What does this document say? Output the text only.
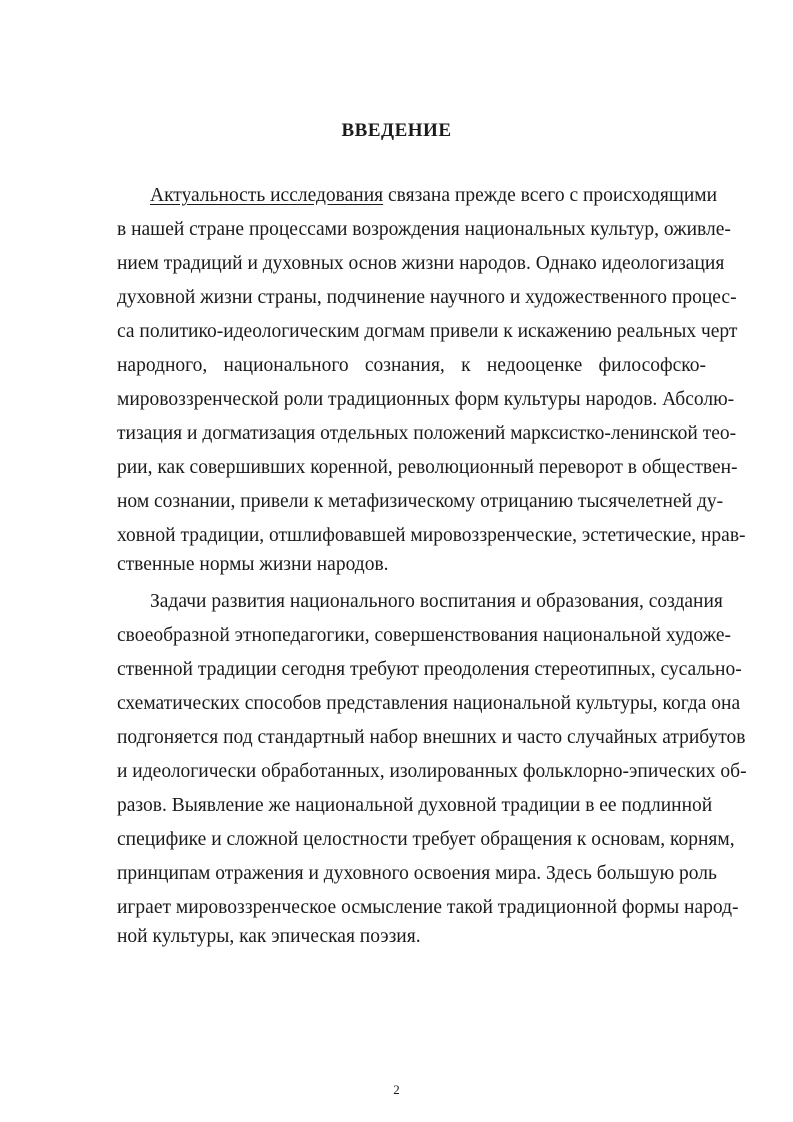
ВВЕДЕНИЕ
Актуальность исследования связана прежде всего с происходящими
в нашей стране процессами возрождения национальных культур, оживле-
нием традиций и духовных основ жизни народов. Однако идеологизация
духовной жизни страны, подчинение научного и художественного процес-
са политико-идеологическим догмам привели к искажению реальных черт
народного, национального сознания, к недооценке философско-
мировоззренческой роли традиционных форм культуры народов. Абсолю-
тизация и догматизация отдельных положений марксистко-ленинской тео-
рии, как совершивших коренной, революционный переворот в обществен-
ном сознании, привели к метафизическому отрицанию тысячелетней ду-
ховной традиции, отшлифовавшей мировоззренческие, эстетические, нрав-
ственные нормы жизни народов.
Задачи развития национального воспитания и образования, создания
своеобразной этнопедагогики, совершенствования национальной художе-
ственной традиции сегодня требуют преодоления стереотипных, сусально-
схематических способов представления национальной культуры, когда она
подгоняется под стандартный набор внешних и часто случайных атрибутов
и идеологически обработанных, изолированных фольклорно-эпических об-
разов. Выявление же национальной духовной традиции в ее подлинной
специфике и сложной целостности требует обращения к основам, корням,
принципам отражения и духовного освоения мира. Здесь большую роль
играет мировоззренческое осмысление такой традиционной формы народ-
ной культуры, как эпическая поэзия.
2
